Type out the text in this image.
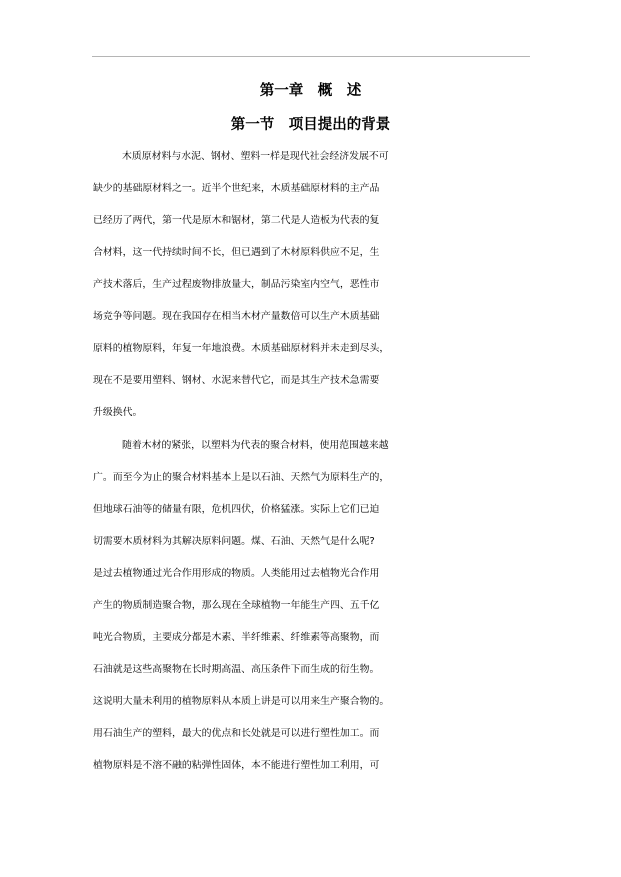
第一章　概　述
第一节　项目提出的背景
木质原材料与水泥、钢材、塑料一样是现代社会经济发展不可
缺少的基础原材料之一。近半个世纪来，木质基础原材料的主产品
已经历了两代，第一代是原木和锯材，第二代是人造板为代表的复
合材料，这一代持续时间不长，但已遇到了木材原料供应不足，生
产技术落后，生产过程废物排放量大，制品污染室内空气，恶性市
场竞争等问题。现在我国存在相当木材产量数倍可以生产木质基础
原料的植物原料，年复一年地浪费。木质基础原材料并未走到尽头，
现在不是要用塑料、钢材、水泥来替代它，而是其生产技术急需要
升级换代。
随着木材的紧张，以塑料为代表的聚合材料，使用范围越来越
广。而至今为止的聚合材料基本上是以石油、天然气为原料生产的，
但地球石油等的储量有限，危机四伏，价格猛涨。实际上它们已迫
切需要木质材料为其解决原料问题。煤、石油、天然气是什么呢?
是过去植物通过光合作用形成的物质。人类能用过去植物光合作用
产生的物质制造聚合物，那么现在全球植物一年能生产四、五千亿
吨光合物质，主要成分都是木素、半纤维素、纤维素等高聚物，而
石油就是这些高聚物在长时期高温、高压条件下而生成的衍生物。
这说明大量未利用的植物原料从本质上讲是可以用来生产聚合物的。
用石油生产的塑料，最大的优点和长处就是可以进行塑性加工。而
植物原料是不溶不融的粘弹性固体，本不能进行塑性加工利用，可
